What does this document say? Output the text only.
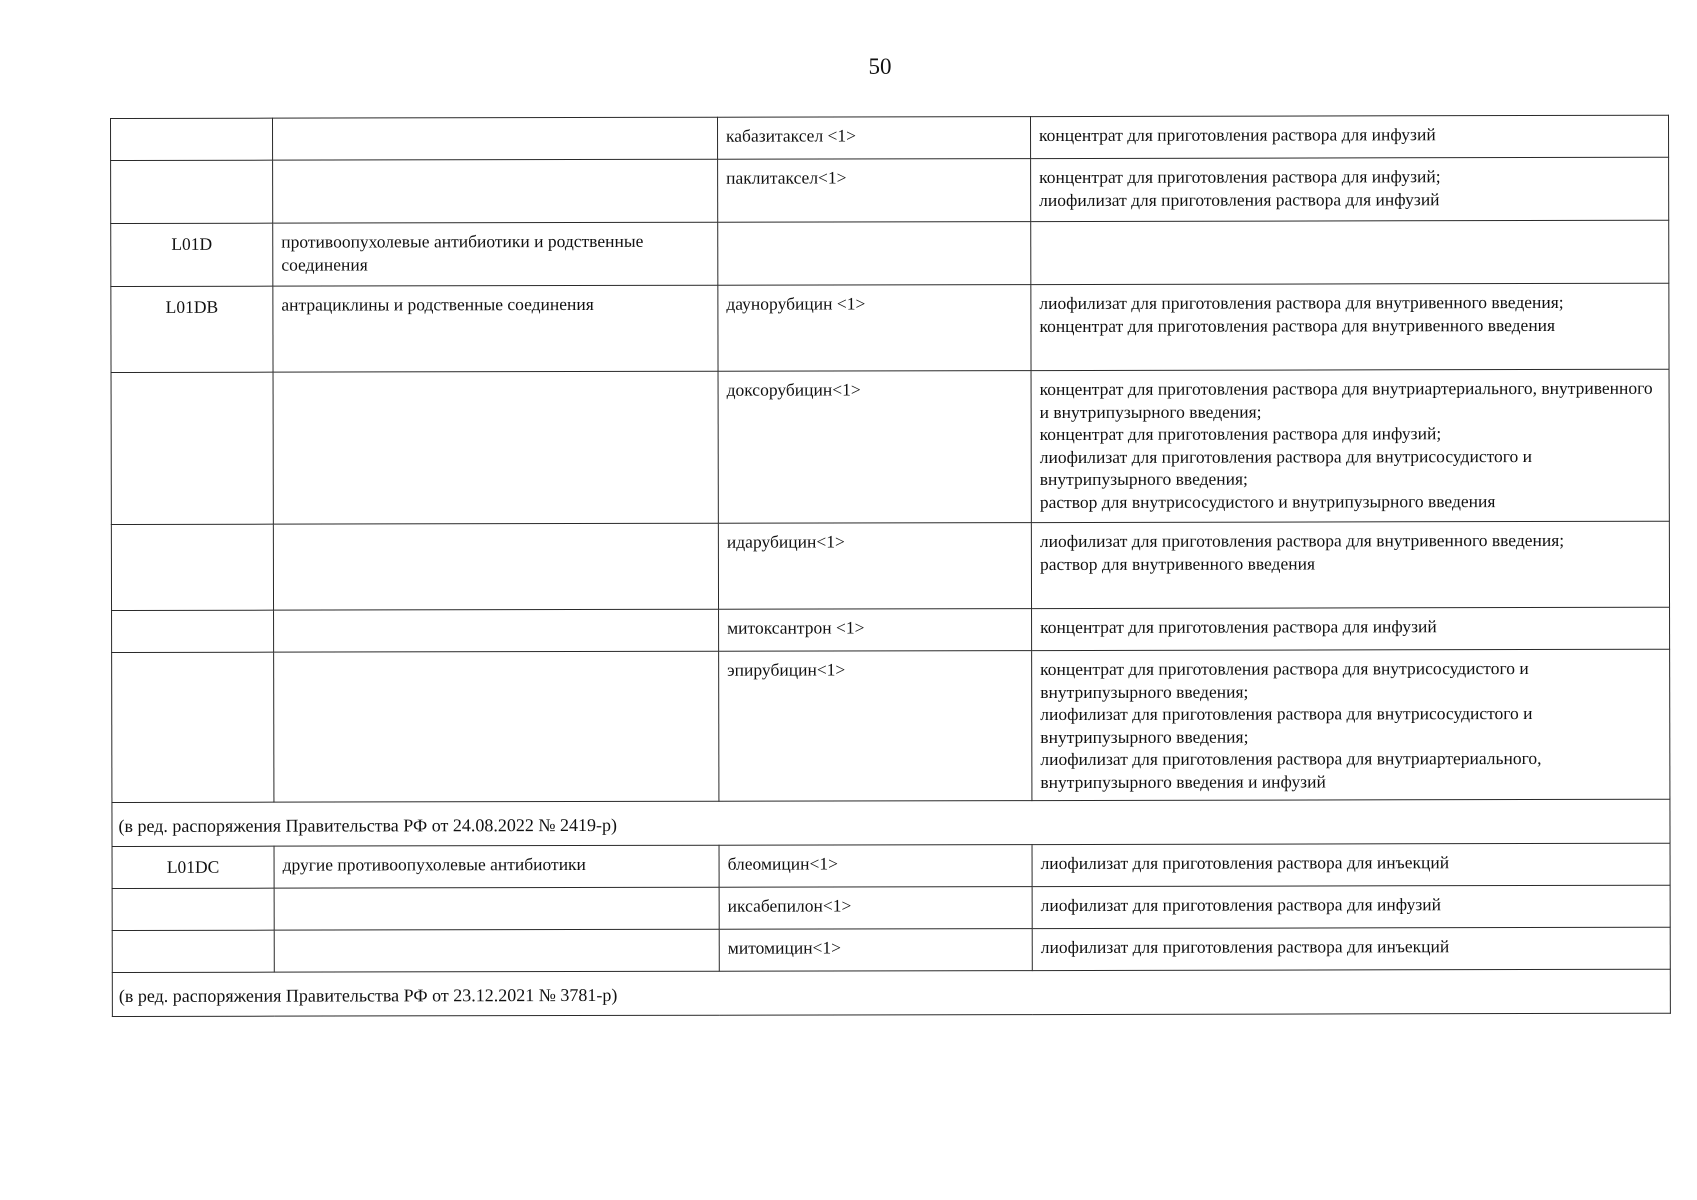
50
		кабазитаксел <1>	концентрат для приготовления раствора для инфузий

		паклитаксел<1>	концентрат для приготовления раствора для инфузий;
лиофилизат для приготовления раствора для инфузий

L01D	противоопухолевые антибиотики и родственные соединения		
L01DB	антрациклины и родственные соединения	даунорубицин <1>	лиофилизат для приготовления раствора для внутривенного введения;
концентрат для приготовления раствора для внутривенного введения

		доксорубицин<1>	концентрат для приготовления раствора для внутриартериального, внутривенного и внутрипузырного введения;
концентрат для приготовления раствора для инфузий;
лиофилизат для приготовления раствора для внутрисосудистого и внутрипузырного введения;
раствор для внутрисосудистого и внутрипузырного введения

		идарубицин<1>	лиофилизат для приготовления раствора для внутривенного введения;
раствор для внутривенного введения

		митоксантрон <1>	концентрат для приготовления раствора для инфузий

		эпирубицин<1>	концентрат для приготовления раствора для внутрисосудистого и внутрипузырного введения;
лиофилизат для приготовления раствора для внутрисосудистого и внутрипузырного введения;
лиофилизат для приготовления раствора для внутриартериального, внутрипузырного введения и инфузий

(в ред. распоряжения Правительства РФ от 24.08.2022 № 2419-р)			
L01DC	другие противоопухолевые антибиотики	блеомицин<1>	лиофилизат для приготовления раствора для инъекций

		иксабепилон<1>	лиофилизат для приготовления раствора для инфузий

		митомицин<1>	лиофилизат для приготовления раствора для инъекций

(в ред. распоряжения Правительства РФ от 23.12.2021 № 3781-р)			
